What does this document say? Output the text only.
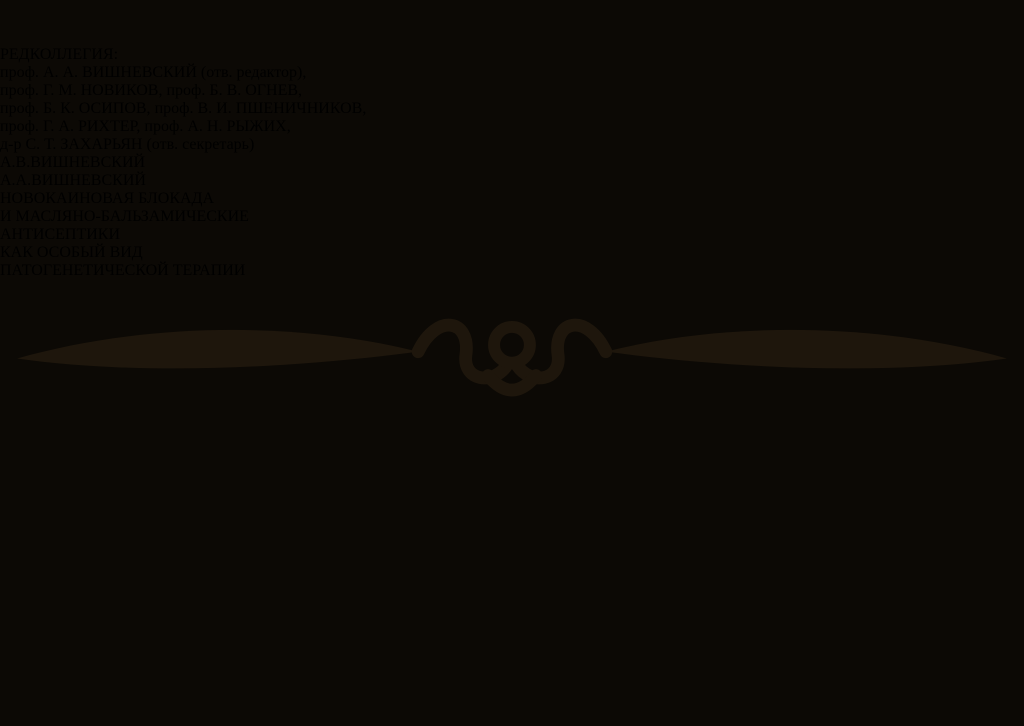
РЕДКОЛЛЕГИЯ:
проф. А. А. ВИШНЕВСКИЙ (отв. редактор),
проф. Г. М. НОВИКОВ, проф. Б. В. ОГНЕВ,
проф. Б. К. ОСИПОВ, проф. В. И. ПШЕНИЧНИКОВ,
проф. Г. А. РИХТЕР, проф. А. Н. РЫЖИХ,
д-р С. Т. ЗАХАРЬЯН (отв. секретарь)
А.В.ВИШНЕВСКИЙ
А.А.ВИШНЕВСКИЙ
НОВОКАИНОВАЯ БЛОКАДА
И МАСЛЯНО-БАЛЬЗАМИЧЕСКИЕ
АНТИСЕПТИКИ
КАК ОСОБЫЙ ВИД
ПАТОГЕНЕТИЧЕСКОЙ ТЕРАПИИ
